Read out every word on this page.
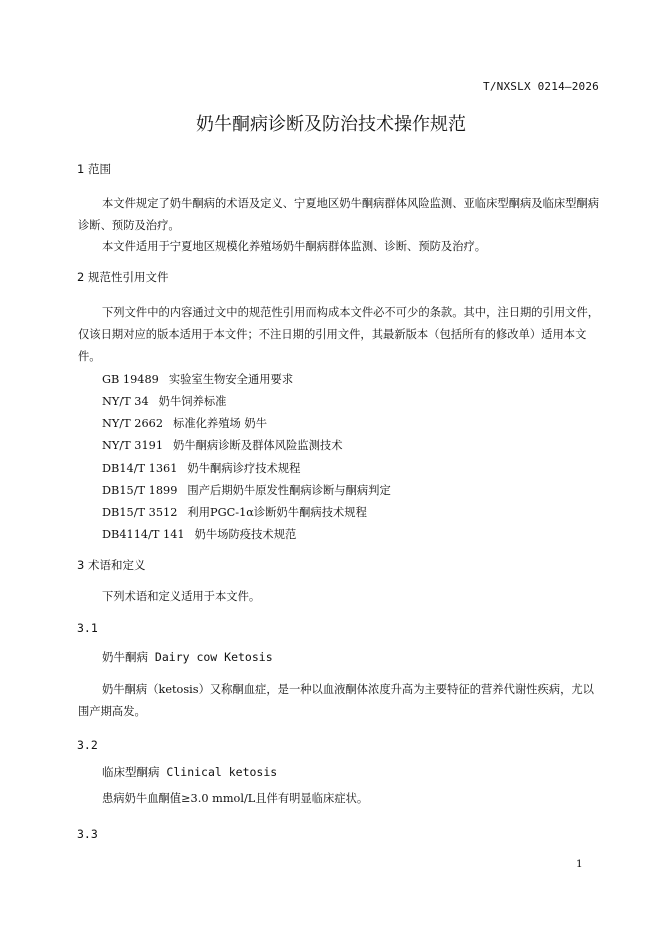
T/NXSLX 0214—2026
奶牛酮病诊断及防治技术操作规范
1 范围

本文件规定了奶牛酮病的术语及定义、宁夏地区奶牛酮病群体风险监测、亚临床型酮病及临床型酮病诊断、预防及治疗。

本文件适用于宁夏地区规模化养殖场奶牛酮病群体监测、诊断、预防及治疗。

2 规范性引用文件

下列文件中的内容通过文中的规范性引用而构成本文件必不可少的条款。其中，注日期的引用文件，仅该日期对应的版本适用于本文件；不注日期的引用文件，其最新版本（包括所有的修改单）适用本文件。

GB 19489 实验室生物安全通用要求
NY/T 34 奶牛饲养标准
NY/T 2662 标准化养殖场 奶牛
NY/T 3191 奶牛酮病诊断及群体风险监测技术
DB14/T 1361 奶牛酮病诊疗技术规程
DB15/T 1899 围产后期奶牛原发性酮病诊断与酮病判定
DB15/T 3512 利用PGC-1α诊断奶牛酮病技术规程
DB4114/T 141 奶牛场防疫技术规范
3 术语和定义

下列术语和定义适用于本文件。

3.1
奶牛酮病 Dairy cow Ketosis

奶牛酮病（ketosis）又称酮血症，是一种以血液酮体浓度升高为主要特征的营养代谢性疾病，尤以围产期高发。

3.2
临床型酮病 Clinical ketosis

患病奶牛血酮值≥3.0 mmol/L且伴有明显临床症状。

3.3
1
